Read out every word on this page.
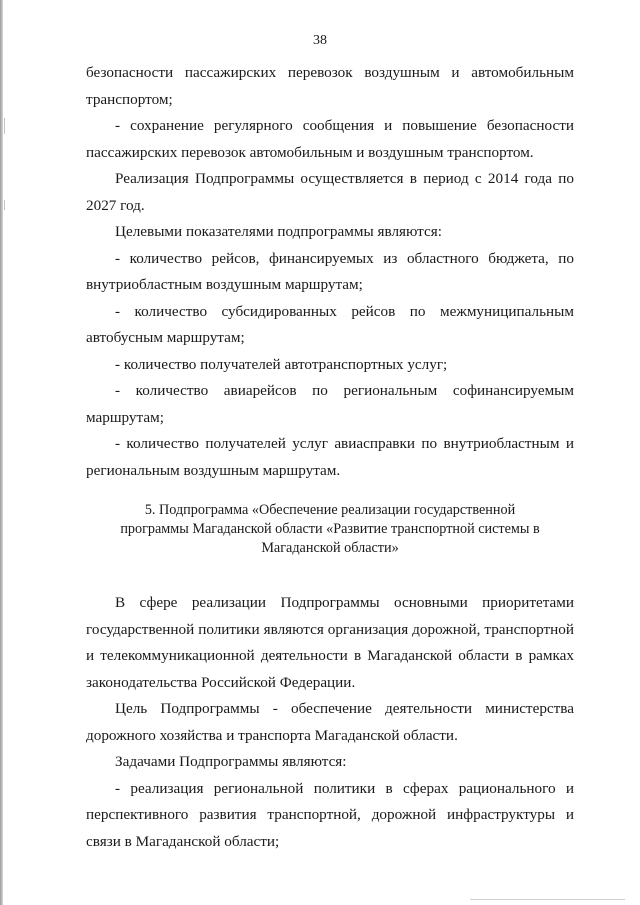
38

безопасности пассажирских перевозок воздушным и автомобильным транспортом;

- сохранение регулярного сообщения и повышение безопасности пассажирских перевозок автомобильным и воздушным транспортом.

Реализация Подпрограммы осуществляется в период с 2014 года по 2027 год.

Целевыми показателями подпрограммы являются:

- количество рейсов, финансируемых из областного бюджета, по внутриобластным воздушным маршрутам;

- количество субсидированных рейсов по межмуниципальным автобусным маршрутам;

- количество получателей автотранспортных услуг;

- количество авиарейсов по региональным софинансируемым маршрутам;

- количество получателей услуг авиасправки по внутриобластным и региональным воздушным маршрутам.

5. Подпрограмма «Обеспечение реализации государственной
программы Магаданской области «Развитие транспортной системы в
Магаданской области»

В сфере реализации Подпрограммы основными приоритетами государственной политики являются организация дорожной, транспортной и телекоммуникационной деятельности в Магаданской области в рамках законодательства Российской Федерации.

Цель Подпрограммы - обеспечение деятельности министерства дорожного хозяйства и транспорта Магаданской области.

Задачами Подпрограммы являются:

- реализация региональной политики в сферах рационального и перспективного развития транспортной, дорожной инфраструктуры и связи в Магаданской области;
